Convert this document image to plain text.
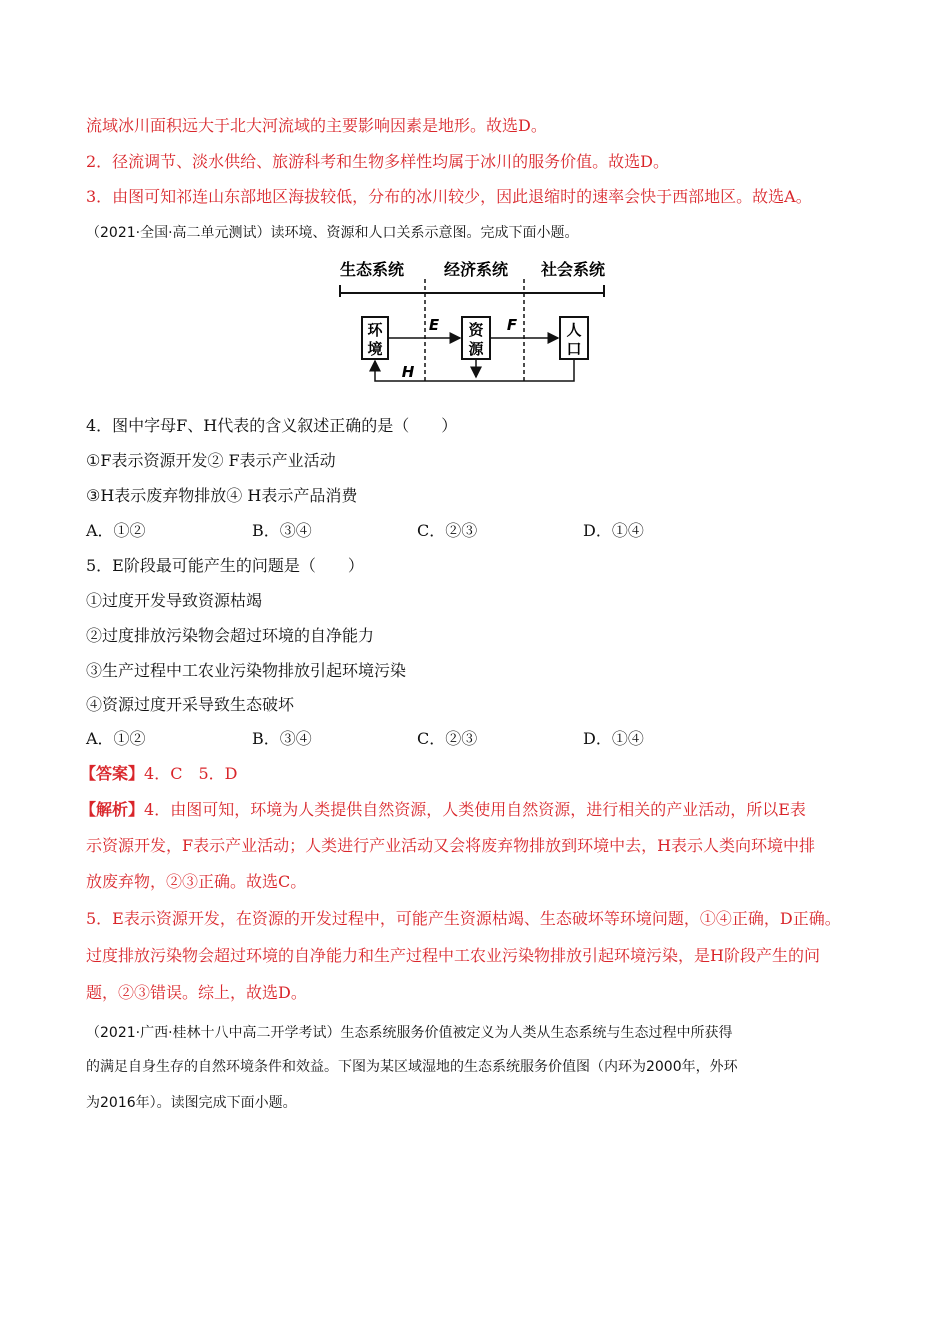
流域冰川面积远大于北大河流域的主要影响因素是地形。故选D。
2．径流调节、淡水供给、旅游科考和生物多样性均属于冰川的服务价值。故选D。
3．由图可知祁连山东部地区海拔较低，分布的冰川较少，因此退缩时的速率会快于西部地区。故选A。
（2021·全国·高二单元测试）读环境、资源和人口关系示意图。完成下面小题。
生态系统 经济系统 社会系统
环
境
资
源
人
口
E	F
H
4．图中字母F、H代表的含义叙述正确的是（　　）
①F表示资源开发② F表示产业活动
③H表示废弃物排放④ H表示产品消费
A．①②	B．③④	C．②③	D．①④
5．E阶段最可能产生的问题是（　　）
①过度开发导致资源枯竭
②过度排放污染物会超过环境的自净能力
③生产过程中工农业污染物排放引起环境污染
④资源过度开采导致生态破坏
A．①②	B．③④	C．②③	D．①④
【答案】4．C　5．D
【解析】4．由图可知，环境为人类提供自然资源，人类使用自然资源，进行相关的产业活动，所以E表
示资源开发，F表示产业活动；人类进行产业活动又会将废弃物排放到环境中去，H表示人类向环境中排
放废弃物，②③正确。故选C。
5．E表示资源开发，在资源的开发过程中，可能产生资源枯竭、生态破坏等环境问题，①④正确，D正确。
过度排放污染物会超过环境的自净能力和生产过程中工农业污染物排放引起环境污染，是H阶段产生的问
题，②③错误。综上，故选D。
（2021·广西·桂林十八中高二开学考试）生态系统服务价值被定义为人类从生态系统与生态过程中所获得
的满足自身生存的自然环境条件和效益。下图为某区域湿地的生态系统服务价值图（内环为2000年，外环
为2016年）。读图完成下面小题。
